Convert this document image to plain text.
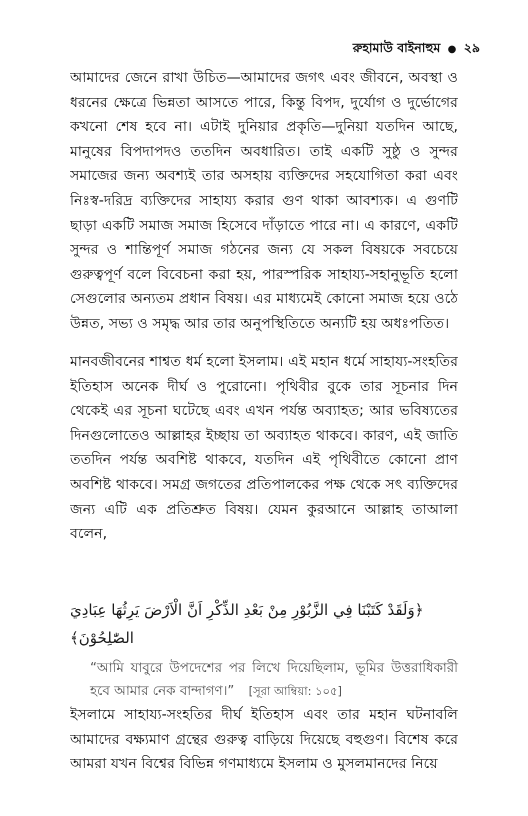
রুহামাউ বাইনাহুম ● ২৯

আমাদের জেনে রাখা উচিত—আমাদের জগৎ এবং জীবনে, অবস্থা ও ধরনের ক্ষেত্রে ভিন্নতা আসতে পারে, কিন্তু বিপদ, দুর্যোগ ও দুর্ভোগের কখনো শেষ হবে না। এটাই দুনিয়ার প্রকৃতি—দুনিয়া যতদিন আছে, মানুষের বিপদাপদও ততদিন অবধারিত। তাই একটি সুষ্ঠু ও সুন্দর সমাজের জন্য অবশ্যই তার অসহায় ব্যক্তিদের সহযোগিতা করা এবং নিঃস্ব-দরিদ্র ব্যক্তিদের সাহায্য করার গুণ থাকা আবশ্যক। এ গুণটি ছাড়া একটি সমাজ সমাজ হিসেবে দাঁড়াতে পারে না। এ কারণে, একটি সুন্দর ও শান্তিপূর্ণ সমাজ গঠনের জন্য যে সকল বিষয়কে সবচেয়ে গুরুত্বপূর্ণ বলে বিবেচনা করা হয়, পারস্পরিক সাহায্য-সহানুভূতি হলো সেগুলোর অন্যতম প্রধান বিষয়। এর মাধ্যমেই কোনো সমাজ হয়ে ওঠে উন্নত, সভ্য ও সমৃদ্ধ আর তার অনুপস্থিতিতে অন্যটি হয় অধঃপতিত।

মানবজীবনের শাশ্বত ধর্ম হলো ইসলাম। এই মহান ধর্মে সাহায্য-সংহতির ইতিহাস অনেক দীর্ঘ ও পুরোনো। পৃথিবীর বুকে তার সূচনার দিন থেকেই এর সূচনা ঘটেছে এবং এখন পর্যন্ত অব্যাহত; আর ভবিষ্যতের দিনগুলোতেও আল্লাহর ইচ্ছায় তা অব্যাহত থাকবে। কারণ, এই জাতি ততদিন পর্যন্ত অবশিষ্ট থাকবে, যতদিন এই পৃথিবীতে কোনো প্রাণ অবশিষ্ট থাকবে। সমগ্র জগতের প্রতিপালকের পক্ষ থেকে সৎ ব্যক্তিদের জন্য এটি এক প্রতিশ্রুত বিষয়। যেমন কুরআনে আল্লাহ তাআলা বলেন,

﴿وَلَقَدْ كَتَبْنَا فِي الزَّبُوْرِ مِنْ بَعْدِ الذِّكْرِ اَنَّ الْاَرْضَ يَرِثُهَا عِبَادِيَ
الصّٰلِحُوْنَ﴾
“আমি যাবুরে উপদেশের পর লিখে দিয়েছিলাম, ভূমির উত্তরাধিকারী হবে আমার নেক বান্দাগণ।” [সূরা আম্বিয়া: ১০৫]

ইসলামে সাহায্য-সংহতির দীর্ঘ ইতিহাস এবং তার মহান ঘটনাবলি আমাদের বক্ষ্যমাণ গ্রন্থের গুরুত্ব বাড়িয়ে দিয়েছে বহুগুণ। বিশেষ করে আমরা যখন বিশ্বের বিভিন্ন গণমাধ্যমে ইসলাম ও মুসলমানদের নিয়ে
